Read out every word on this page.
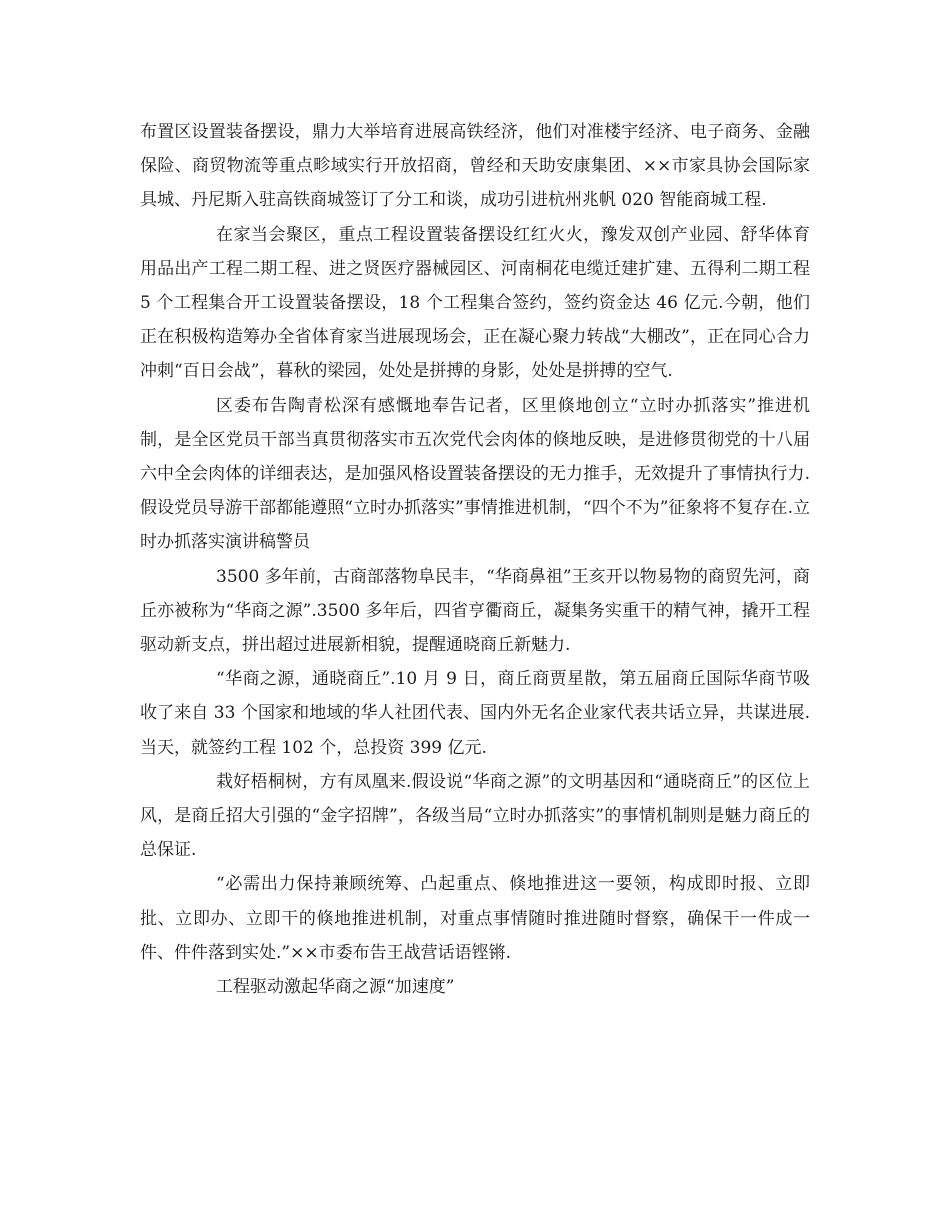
布置区设置装备摆设，鼎力大举培育进展高铁经济，他们对准楼宇经济、电子商务、金融保险、商贸物流等重点畛域实行开放招商，曾经和天助安康集团、××市家具协会国际家具城、丹尼斯入驻高铁商城签订了分工和谈，成功引进杭州兆帆 020 智能商城工程.

在家当会聚区，重点工程设置装备摆设红红火火，豫发双创产业园、舒华体育用品出产工程二期工程、进之贤医疗器械园区、河南桐花电缆迁建扩建、五得利二期工程 5 个工程集合开工设置装备摆设，18 个工程集合签约，签约资金达 46 亿元.今朝，他们正在积极构造筹办全省体育家当进展现场会，正在凝心聚力转战“大棚改”，正在同心合力冲刺“百日会战”，暮秋的梁园，处处是拼搏的身影，处处是拼搏的空气.

区委布告陶青松深有感慨地奉告记者，区里倏地创立“立时办抓落实”推进机制，是全区党员干部当真贯彻落实市五次党代会肉体的倏地反映，是进修贯彻党的十八届六中全会肉体的详细表达，是加强风格设置装备摆设的无力推手，无效提升了事情执行力.假设党员导游干部都能遵照“立时办抓落实”事情推进机制，“四个不为”征象将不复存在.立时办抓落实演讲稿警员

3500 多年前，古商部落物阜民丰，“华商鼻祖”王亥开以物易物的商贸先河，商丘亦被称为“华商之源”.3500 多年后，四省亨衢商丘，凝集务实重干的精气神，撬开工程驱动新支点，拼出超过进展新相貌，提醒通晓商丘新魅力.

“华商之源，通晓商丘”.10 月 9 日，商丘商贾星散，第五届商丘国际华商节吸收了来自 33 个国家和地域的华人社团代表、国内外无名企业家代表共话立异，共谋进展.当天，就签约工程 102 个，总投资 399 亿元.

栽好梧桐树，方有凤凰来.假设说“华商之源”的文明基因和“通晓商丘”的区位上风，是商丘招大引强的“金字招牌”，各级当局“立时办抓落实”的事情机制则是魅力商丘的总保证.

“必需出力保持兼顾统筹、凸起重点、倏地推进这一要领，构成即时报、立即批、立即办、立即干的倏地推进机制，对重点事情随时推进随时督察，确保干一件成一件、件件落到实处.”××市委布告王战营话语铿锵.

工程驱动激起华商之源“加速度”
